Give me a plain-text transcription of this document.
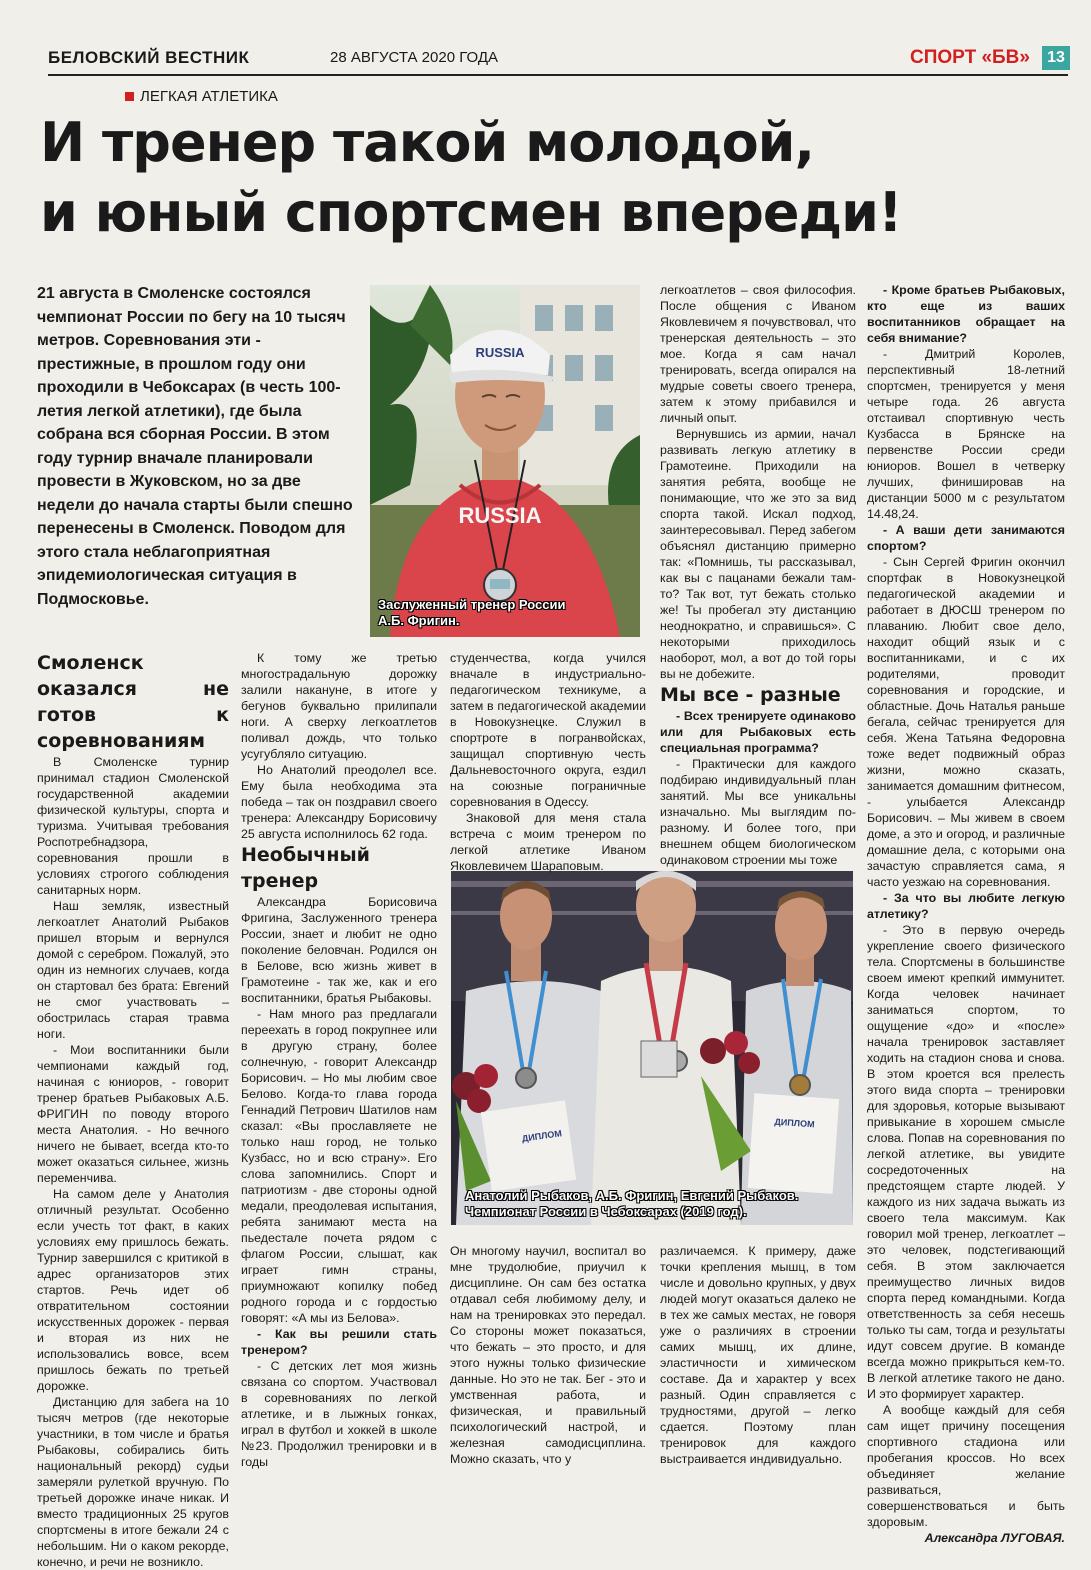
БЕЛОВСКИЙ ВЕСТНИК	28 АВГУСТА 2020 ГОДА	СПОРТ «БВ»	13
ЛЕГКАЯ АТЛЕТИКА
И тренер такой молодой,
и юный спортсмен впереди!
21 августа в Смоленске состоялся чемпионат России по бегу на 10 тысяч метров. Соревнования эти - престижные, в прошлом году они проходили в Чебоксарах (в честь 100-летия легкой атлетики), где была собрана вся сборная России. В этом году турнир вначале планировали провести в Жуковском, но за две недели до начала старты были спешно перенесены в Смоленск. Поводом для этого стала неблагоприятная эпидемиологическая ситуация в Подмосковье.
RUSSIA
RUSSIA
Заслуженный тренер России А.Б. Фригин.
ДИПЛОМ
ДИПЛОМ
Анатолий Рыбаков, А.Б. Фригин, Евгений Рыбаков. Чемпионат России в Чебоксарах (2019 год).

Смоленск оказался не готов к соревнованиям

В Смоленске турнир принимал стадион Смоленской государственной академии физической культуры, спорта и туризма. Учитывая требования Роспотребнадзора, соревнования прошли в условиях строгого соблюдения санитарных норм.

Наш земляк, известный легкоатлет Анатолий Рыбаков пришел вторым и вернулся домой с серебром. Пожалуй, это один из немногих случаев, когда он стартовал без брата: Евгений не смог участвовать – обострилась старая травма ноги.

- Мои воспитанники были чемпионами каждый год, начиная с юниоров, - говорит тренер братьев Рыбаковых А.Б. ФРИГИН по поводу второго места Анатолия. - Но вечного ничего не бывает, всегда кто-то может оказаться сильнее, жизнь переменчива.

На самом деле у Анатолия отличный результат. Особенно если учесть тот факт, в каких условиях ему пришлось бежать. Турнир завершился с критикой в адрес организаторов этих стартов. Речь идет об отвратительном состоянии искусственных дорожек - первая и вторая из них не использовались вовсе, всем пришлось бежать по третьей дорожке.

Дистанцию для забега на 10 тысяч метров (где некоторые участники, в том числе и братья Рыбаковы, собирались бить национальный рекорд) судьи замеряли рулеткой вручную. По третьей дорожке иначе никак. И вместо традиционных 25 кругов спортсмены в итоге бежали 24 с небольшим. Ни о каком рекорде, конечно, и речи не возникло.

К тому же третью многострадальную дорожку залили накануне, в итоге у бегунов буквально прилипали ноги. А сверху легкоатлетов поливал дождь, что только усугубляло ситуацию.

Но Анатолий преодолел все. Ему была необходима эта победа – так он поздравил своего тренера: Александру Борисовичу 25 августа исполнилось 62 года.

Необычный тренер

Александра Борисовича Фригина, Заслуженного тренера России, знает и любит не одно поколение беловчан. Родился он в Белове, всю жизнь живет в Грамотеине - так же, как и его воспитанники, братья Рыбаковы.

- Нам много раз предлагали переехать в город покрупнее или в другую страну, более солнечную, - говорит Александр Борисович. – Но мы любим свое Белово. Когда-то глава города Геннадий Петрович Шатилов нам сказал: «Вы прославляете не только наш город, не только Кузбасс, но и всю страну». Его слова запомнились. Спорт и патриотизм - две стороны одной медали, преодолевая испытания, ребята занимают места на пьедестале почета рядом с флагом России, слышат, как играет гимн страны, приумножают копилку побед родного города и с гордостью говорят: «А мы из Белова».

- Как вы решили стать тренером?

- С детских лет моя жизнь связана со спортом. Участвовал в соревнованиях по легкой атлетике, и в лыжных гонках, играл в футбол и хоккей в школе №23. Продолжил тренировки и в годы

студенчества, когда учился вначале в индустриально-педагогическом техникуме, а затем в педагогической академии в Новокузнецке. Служил в спортроте в погранвойсках, защищал спортивную честь Дальневосточного округа, ездил на союзные пограничные соревнования в Одессу.

Знаковой для меня стала встреча с моим тренером по легкой атлетике Иваном Яковлевичем Шараповым.

Он многому научил, воспитал во мне трудолюбие, приучил к дисциплине. Он сам без остатка отдавал себя любимому делу, и нам на тренировках это передал. Со стороны может показаться, что бежать – это просто, и для этого нужны только физические данные. Но это не так. Бег - это и умственная работа, и физическая, и правильный психологический настрой, и железная самодисциплина. Можно сказать, что у

легкоатлетов – своя философия. После общения с Иваном Яковлевичем я почувствовал, что тренерская деятельность – это мое. Когда я сам начал тренировать, всегда опирался на мудрые советы своего тренера, затем к этому прибавился и личный опыт.

Вернувшись из армии, начал развивать легкую атлетику в Грамотеине. Приходили на занятия ребята, вообще не понимающие, что же это за вид спорта такой. Искал подход, заинтересовывал. Перед забегом объяснял дистанцию примерно так: «Помнишь, ты рассказывал, как вы с пацанами бежали там-то? Так вот, тут бежать столько же! Ты пробегал эту дистанцию неоднократно, и справишься». С некоторыми приходилось наоборот, мол, а вот до той горы вы не добежите.

Мы все - разные

- Всех тренируете одинаково или для Рыбаковых есть специальная программа?

- Практически для каждого подбираю индивидуальный план занятий. Мы все уникальны изначально. Мы выглядим по-разному. И более того, при внешнем общем биологическом одинаковом строении мы тоже

различаемся. К примеру, даже точки крепления мышц, в том числе и довольно крупных, у двух людей могут оказаться далеко не в тех же самых местах, не говоря уже о различиях в строении самих мышц, их длине, эластичности и химическом составе. Да и характер у всех разный. Один справляется с трудностями, другой – легко сдается. Поэтому план тренировок для каждого выстраивается индивидуально.

- Кроме братьев Рыбаковых, кто еще из ваших воспитанников обращает на себя внимание?

- Дмитрий Королев, перспективный 18-летний спортсмен, тренируется у меня четыре года. 26 августа отстаивал спортивную честь Кузбасса в Брянске на первенстве России среди юниоров. Вошел в четверку лучших, финишировав на дистанции 5000 м с результатом 14.48,24.

- А ваши дети занимаются спортом?

- Сын Сергей Фригин окончил спортфак в Новокузнецкой педагогической академии и работает в ДЮСШ тренером по плаванию. Любит свое дело, находит общий язык и с воспитанниками, и с их родителями, проводит соревнования и городские, и областные. Дочь Наталья раньше бегала, сейчас тренируется для себя. Жена Татьяна Федоровна тоже ведет подвижный образ жизни, можно сказать, занимается домашним фитнесом, - улыбается Александр Борисович. – Мы живем в своем доме, а это и огород, и различные домашние дела, с которыми она зачастую справляется сама, я часто уезжаю на соревнования.

- За что вы любите легкую атлетику?

- Это в первую очередь укрепление своего физического тела. Спортсмены в большинстве своем имеют крепкий иммунитет. Когда человек начинает заниматься спортом, то ощущение «до» и «после» начала тренировок заставляет ходить на стадион снова и снова. В этом кроется вся прелесть этого вида спорта – тренировки для здоровья, которые вызывают привыкание в хорошем смысле слова. Попав на соревнования по легкой атлетике, вы увидите сосредоточенных на предстоящем старте людей. У каждого из них задача выжать из своего тела максимум. Как говорил мой тренер, легкоатлет – это человек, подстегивающий себя. В этом заключается преимущество личных видов спорта перед командными. Когда ответственность за себя несешь только ты сам, тогда и результаты идут совсем другие. В команде всегда можно прикрыться кем-то. В легкой атлетике такого не дано. И это формирует характер.

А вообще каждый для себя сам ищет причину посещения спортивного стадиона или пробегания кроссов. Но всех объединяет желание развиваться, совершенствоваться и быть здоровым.

Александра ЛУГОВАЯ.
